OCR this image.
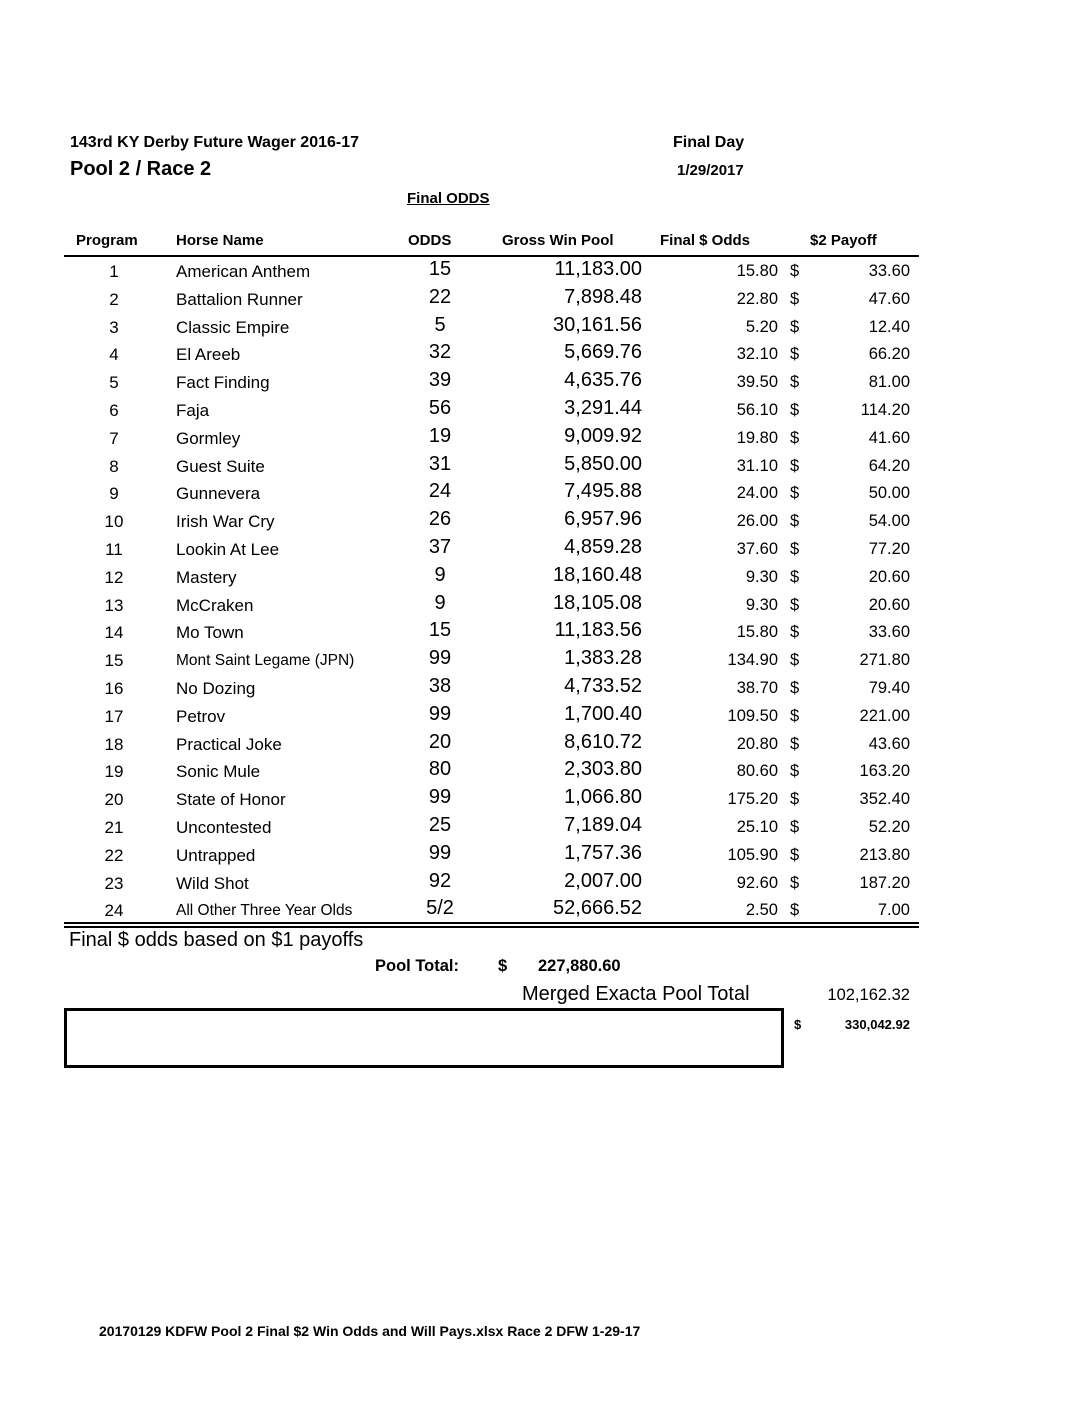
143rd KY Derby Future Wager 2016-17
Pool 2 / Race 2
Final Day
1/29/2017
Final ODDS
Program	Horse Name	ODDS	Gross Win Pool	Final $ Odds	$2 Payoff
1	American Anthem	15	11,183.00	15.80 $	33.60
2	Battalion Runner	22	7,898.48	22.80 $	47.60
3	Classic Empire	5	30,161.56	5.20 $	12.40
4	El Areeb	32	5,669.76	32.10 $	66.20
5	Fact Finding	39	4,635.76	39.50 $	81.00
6	Faja	56	3,291.44	56.10 $	114.20
7	Gormley	19	9,009.92	19.80 $	41.60
8	Guest Suite	31	5,850.00	31.10 $	64.20
9	Gunnevera	24	7,495.88	24.00 $	50.00
10	Irish War Cry	26	6,957.96	26.00 $	54.00
11	Lookin At Lee	37	4,859.28	37.60 $	77.20
12	Mastery	9	18,160.48	9.30 $	20.60
13	McCraken	9	18,105.08	9.30 $	20.60
14	Mo Town	15	11,183.56	15.80 $	33.60
15	Mont Saint Legame (JPN)	99	1,383.28	134.90 $	271.80
16	No Dozing	38	4,733.52	38.70 $	79.40
17	Petrov	99	1,700.40	109.50 $	221.00
18	Practical Joke	20	8,610.72	20.80 $	43.60
19	Sonic Mule	80	2,303.80	80.60 $	163.20
20	State of Honor	99	1,066.80	175.20 $	352.40
21	Uncontested	25	7,189.04	25.10 $	52.20
22	Untrapped	99	1,757.36	105.90 $	213.80
23	Wild Shot	92	2,007.00	92.60 $	187.20
24	All Other Three Year Olds	5/2	52,666.52	2.50 $	7.00
Final $ odds based on $1 payoffs
Pool Total: $ 227,880.60
Merged Exacta Pool Total	102,162.32
$	330,042.92
20170129 KDFW Pool 2 Final $2 Win Odds and Will Pays.xlsx Race 2 DFW 1-29-17
